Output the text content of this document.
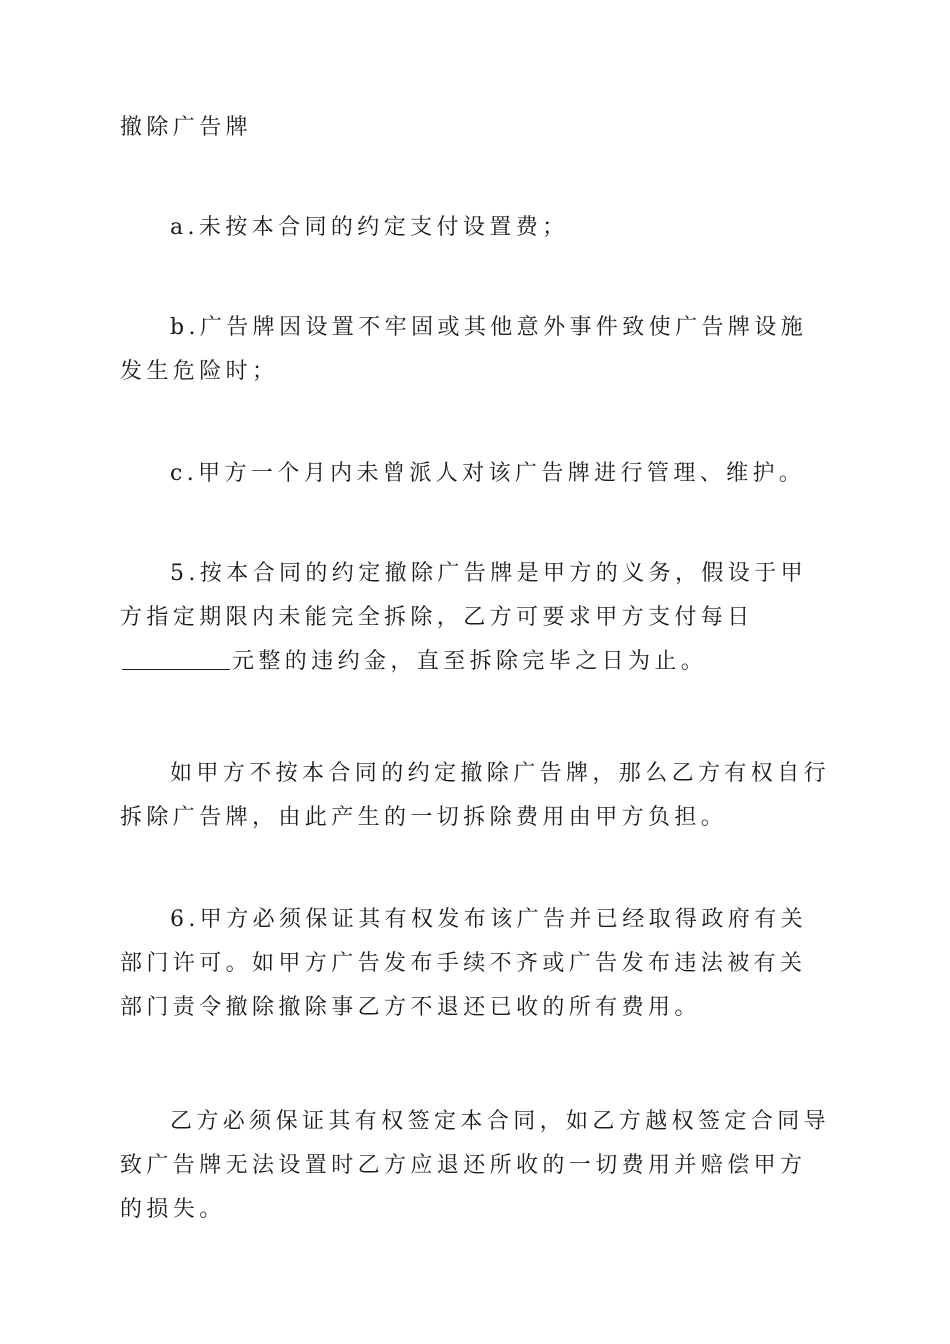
撤除广告牌

a.未按本合同的约定支付设置费；

b.广告牌因设置不牢固或其他意外事件致使广告牌设施发生危险时；

c.甲方一个月内未曾派人对该广告牌进行管理、维护。

5.按本合同的约定撤除广告牌是甲方的义务，假设于甲方指定期限内未能完全拆除，乙方可要求甲方支付每日元整的违约金，直至拆除完毕之日为止。

如甲方不按本合同的约定撤除广告牌，那么乙方有权自行拆除广告牌，由此产生的一切拆除费用由甲方负担。

6.甲方必须保证其有权发布该广告并已经取得政府有关部门许可。如甲方广告发布手续不齐或广告发布违法被有关部门责令撤除撤除事乙方不退还已收的所有费用。

乙方必须保证其有权签定本合同，如乙方越权签定合同导致广告牌无法设置时乙方应退还所收的一切费用并赔偿甲方的损失。
